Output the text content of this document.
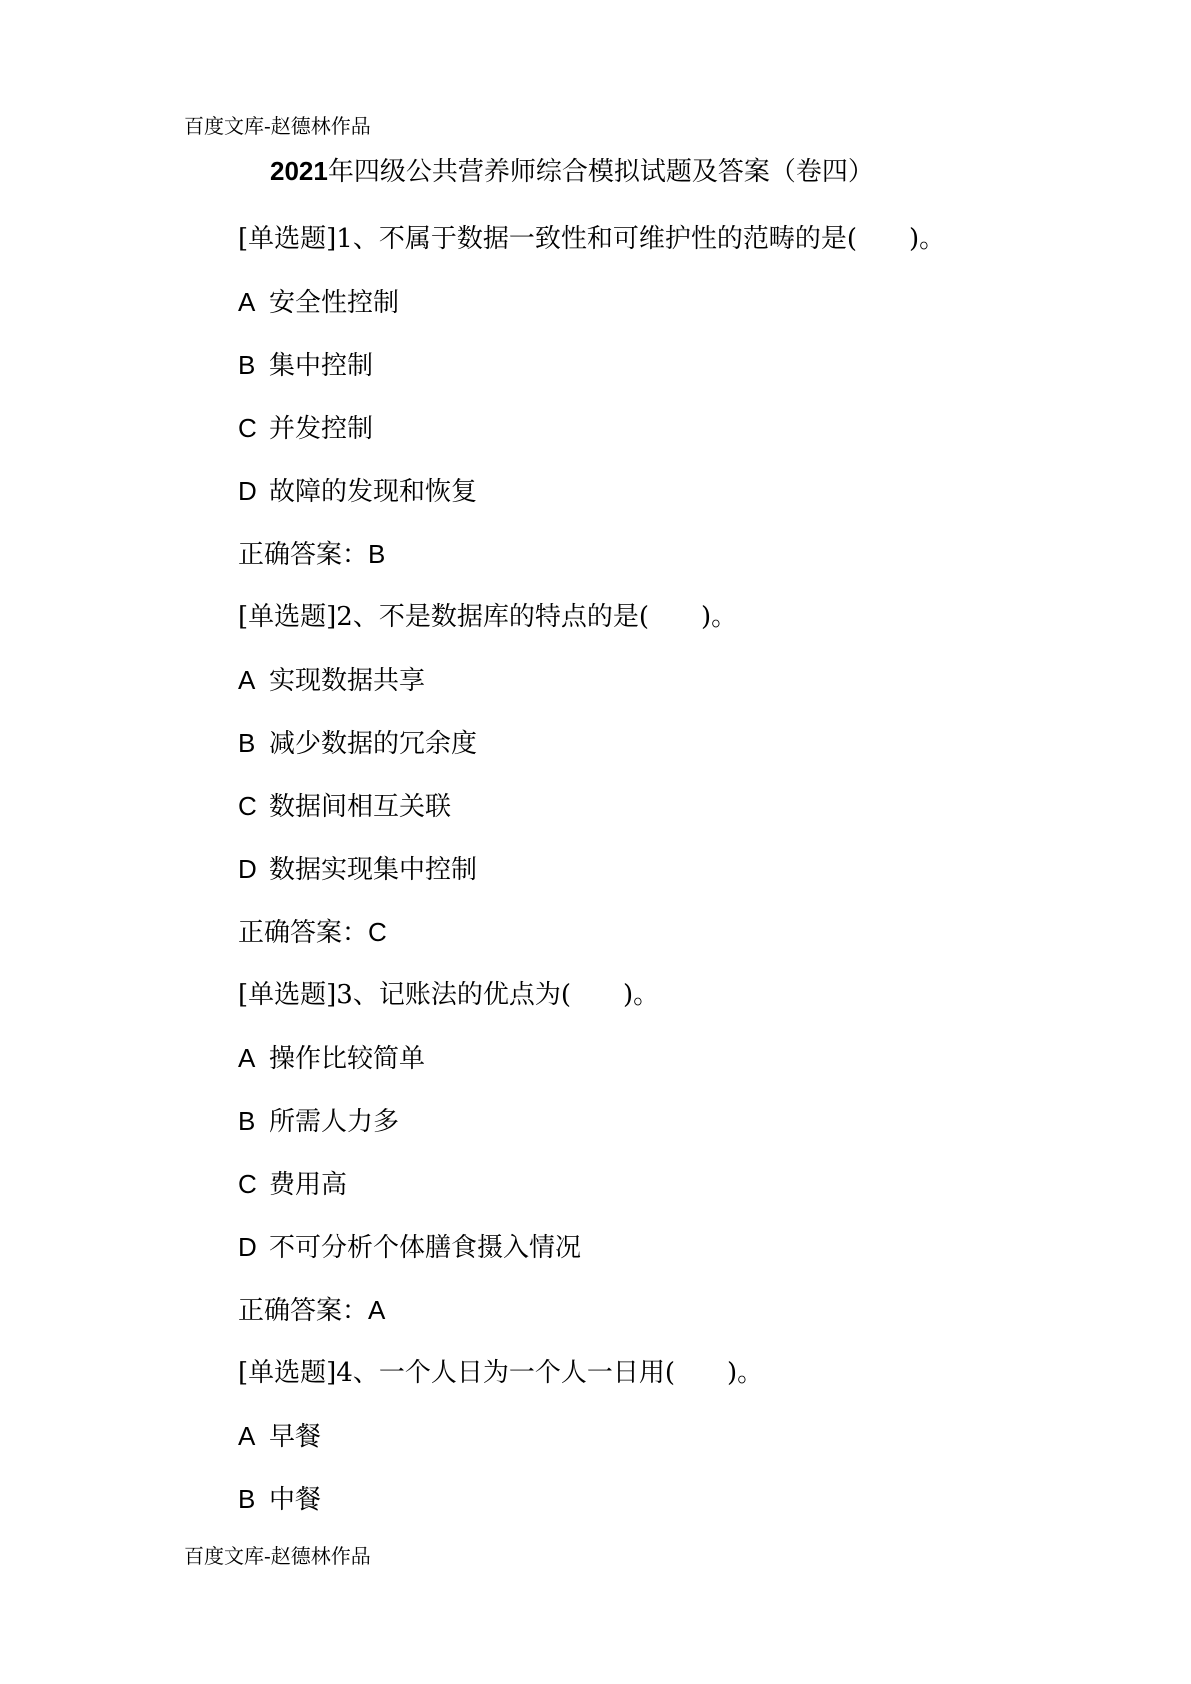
百度文库-赵德林作品
2021年四级公共营养师综合模拟试题及答案（卷四）
[单选题]1、不属于数据一致性和可维护性的范畴的是(　　)。
A 安全性控制
B 集中控制
C 并发控制
D 故障的发现和恢复
正确答案：B
[单选题]2、不是数据库的特点的是(　　)。
A 实现数据共享
B 减少数据的冗余度
C 数据间相互关联
D 数据实现集中控制
正确答案：C
[单选题]3、记账法的优点为(　　)。
A 操作比较简单
B 所需人力多
C 费用高
D 不可分析个体膳食摄入情况
正确答案：A
[单选题]4、一个人日为一个人一日用(　　)。
A 早餐
B 中餐
百度文库-赵德林作品
